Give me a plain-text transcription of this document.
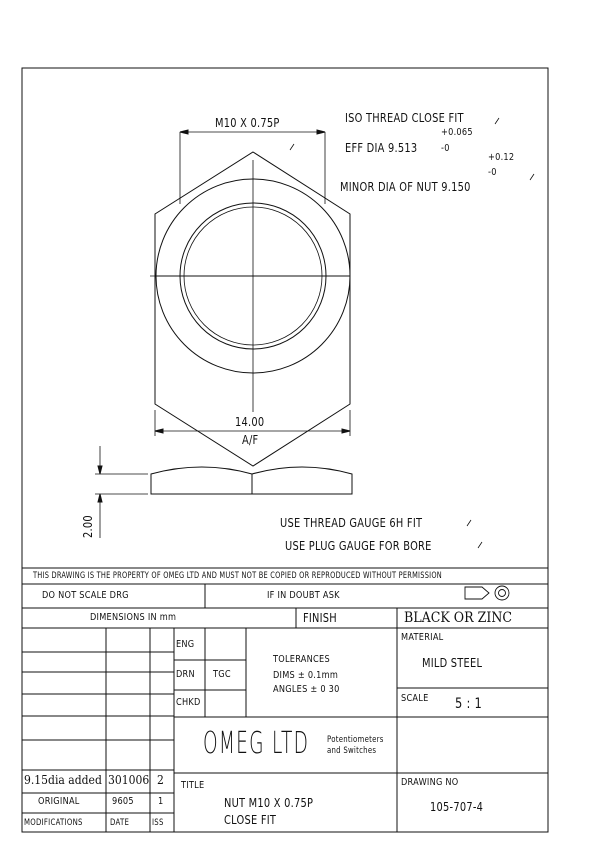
M10 X 0.75P	ISO THREAD CLOSE FIT
+0.065
EFF DIA 9.513 -0
+0.12
-0
MINOR DIA OF NUT 9.150
14.00
A/F
2.00	USE THREAD GAUGE 6H FIT
USE PLUG GAUGE FOR BORE
THIS DRAWING IS THE PROPERTY OF OMEG LTD AND MUST NOT BE COPIED OR REPRODUCED WITHOUT PERMISSION
DO NOT SCALE DRG	IF IN DOUBT ASK
DIMENSIONS IN mm	FINISH	BLACK OR ZINC
ENG
DRN TGC
CHKD
TOLERANCES
DIMS ± 0.1mm
ANGLES ± 0 30
MATERIAL
MILD STEEL
SCALE 5 : 1
OMEG LTD Potentiometers
and Switches
TITLE
NUT M10 X 0.75P
CLOSE FIT
DRAWING NO
105-707-4
9.15dia added 301006 2
ORIGINAL	9605 1
MODIFICATIONS	DATE	ISS
